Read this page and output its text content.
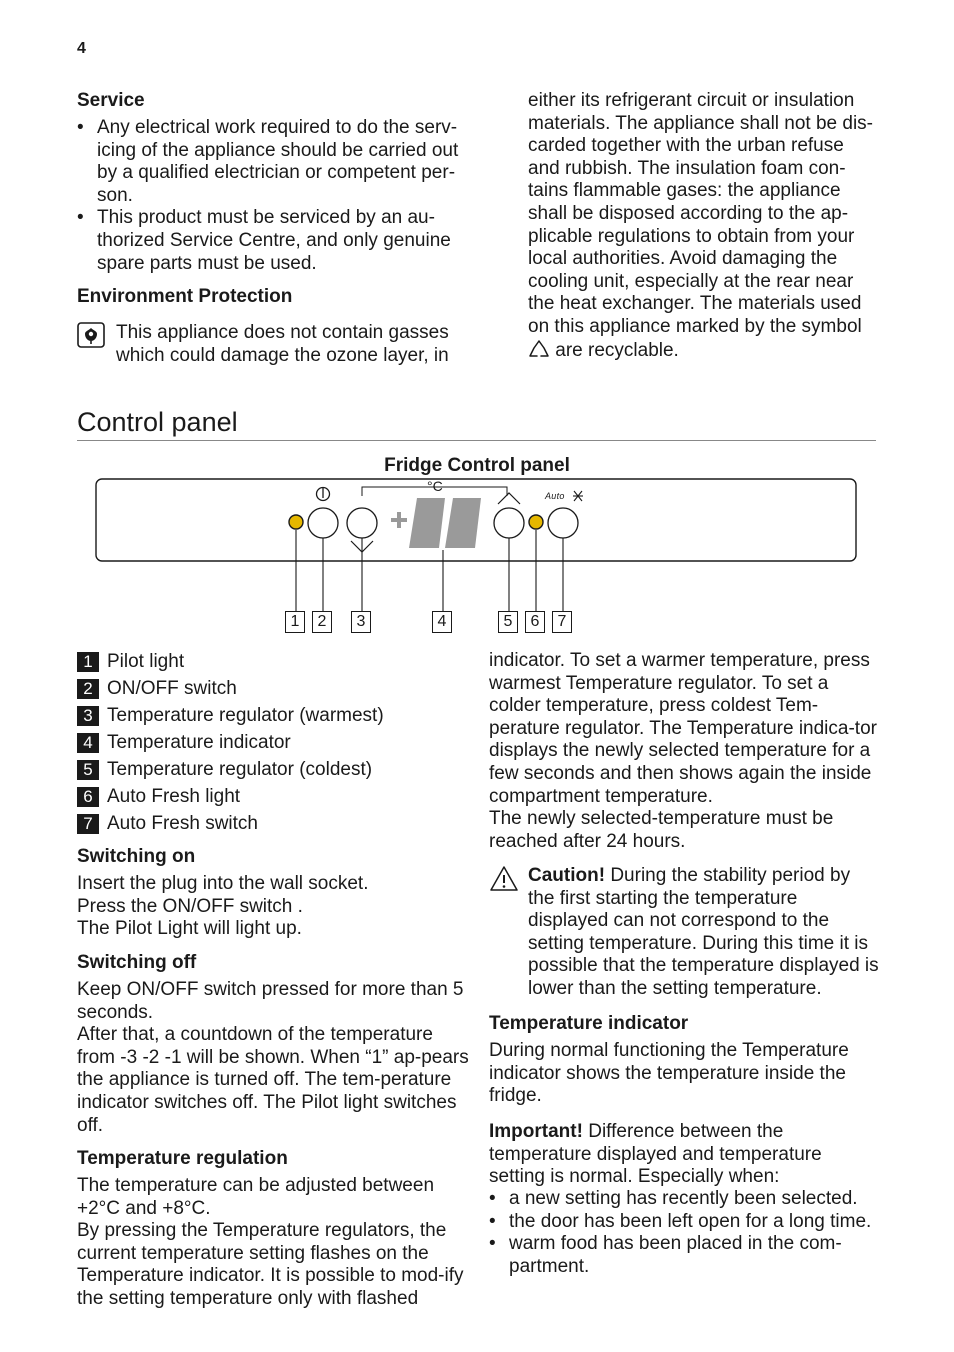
4
Service
• Any electrical work required to do the serv-icing of the appliance should be carried out by a qualified electrician or competent per-son.
• This product must be serviced by an au-thorized Service Centre, and only genuine spare parts must be used.
Environment Protection
This appliance does not contain gasses which could damage the ozone layer, in
either its refrigerant circuit or insulation materials. The appliance shall not be dis-carded together with the urban refuse and rubbish. The insulation foam con-tains flammable gases: the appliance shall be disposed according to the ap-plicable regulations to obtain from your local authorities. Avoid damaging the cooling unit, especially at the rear near the heat exchanger. The materials used on this appliance marked by the symbol  are recyclable.
Control panel
Fridge Control panel
°C
Auto
1	2	3	4	5	6	7
1 Pilot light
2 ON/OFF switch
3 Temperature regulator (warmest)
4 Temperature indicator
5 Temperature regulator (coldest)
6 Auto Fresh light
7 Auto Fresh switch
Switching on

Insert the plug into the wall socket.

Press the ON/OFF switch .

The Pilot Light will light up.

Switching off

Keep ON/OFF switch pressed for more than 5 seconds.

After that, a countdown of the temperature from -3 -2 -1 will be shown. When “1” ap-pears the appliance is turned off. The tem-perature indicator switches off. The Pilot light switches off.

Temperature regulation

The temperature can be adjusted between +2°C and +8°C.

By pressing the Temperature regulators, the current temperature setting flashes on the Temperature indicator. It is possible to mod-ify the setting temperature only with flashed

indicator. To set a warmer temperature, press warmest Temperature regulator. To set a colder temperature, press coldest Tem-perature regulator. The Temperature indica-tor displays the newly selected temperature for a few seconds and then shows again the inside compartment temperature.

The newly selected-temperature must be reached after 24 hours.

Caution! During the stability period by the first starting the temperature displayed can not correspond to the setting temperature. During this time it is possible that the temperature displayed is lower than the setting temperature.
Temperature indicator
During normal functioning the Temperature indicator shows the temperature inside the fridge.
Important! Difference between the temperature displayed and temperature setting is normal. Especially when:
• a new setting has recently been selected.
• the door has been left open for a long time.
• warm food has been placed in the com-partment.
